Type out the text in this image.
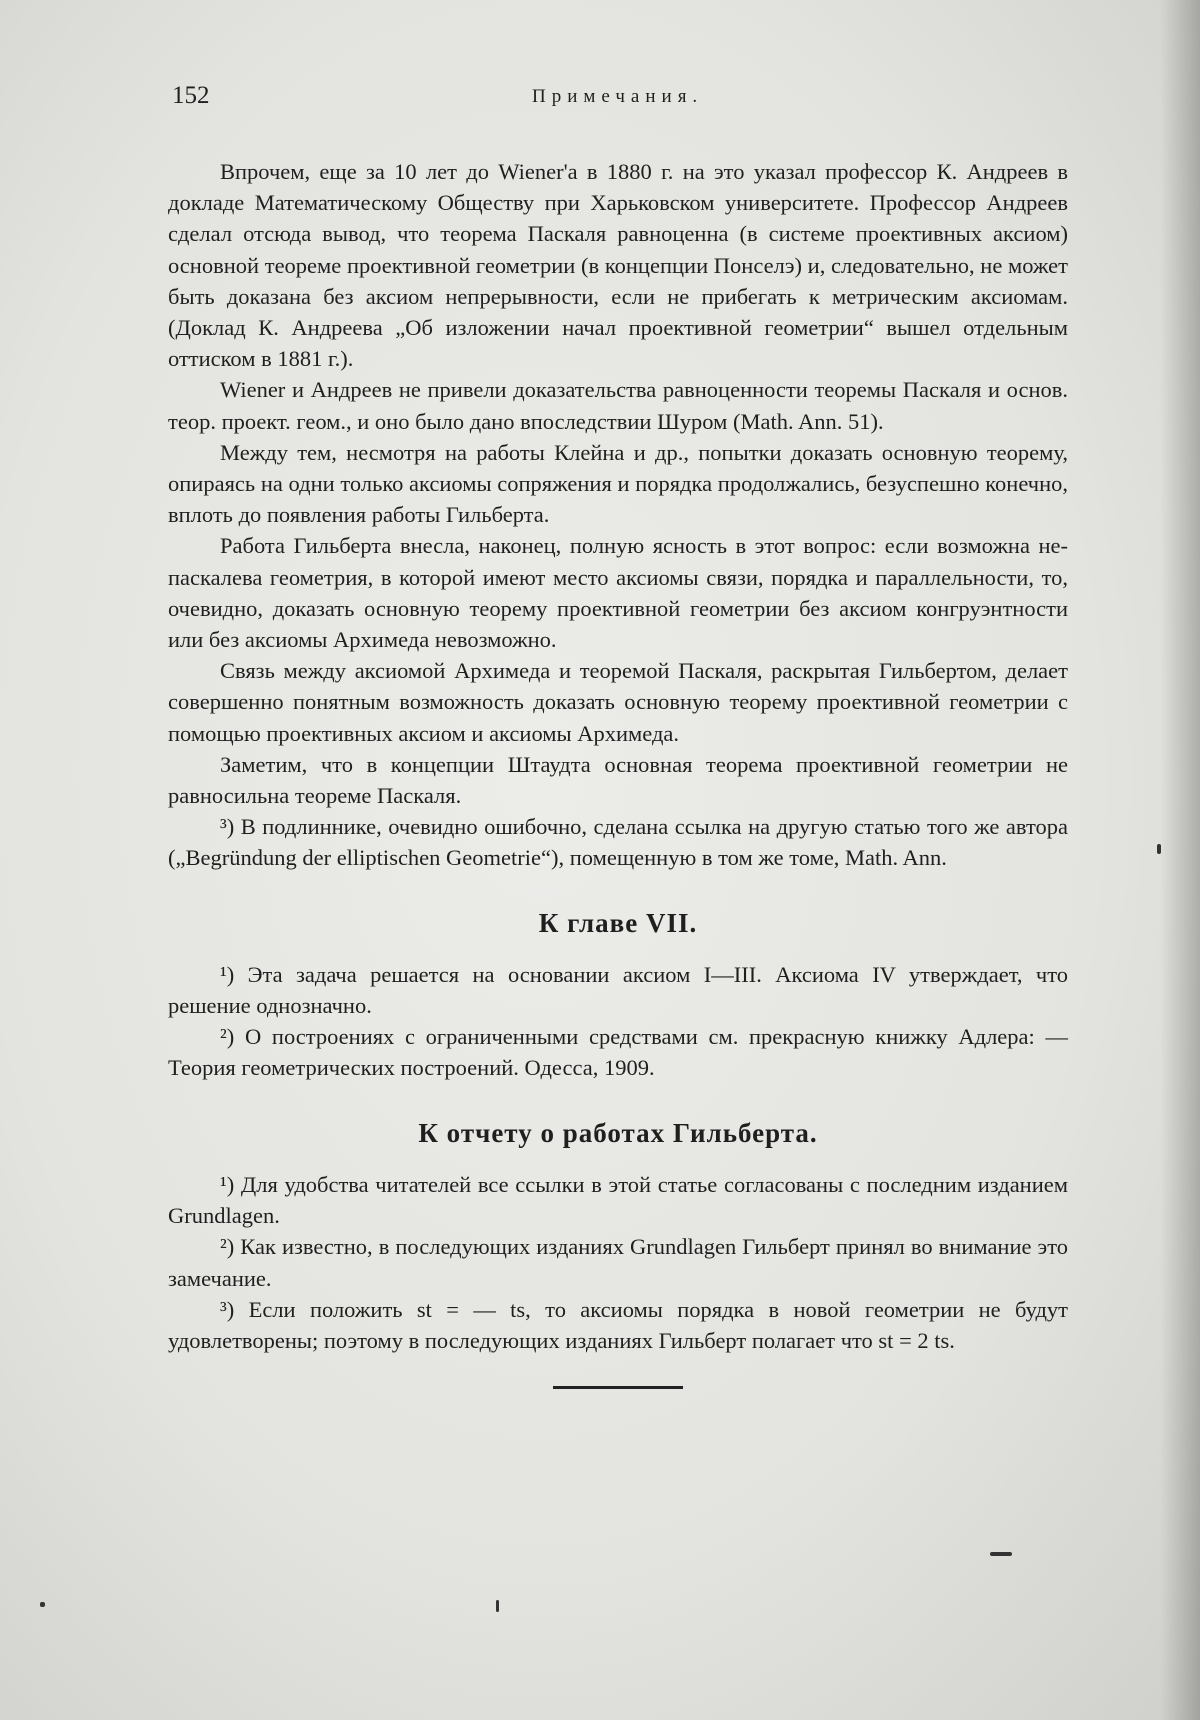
152	Примечания.

Впрочем, еще за 10 лет до Wiener'а в 1880 г. на это указал профессор К. Андреев в докладе Математическому Обществу при Харьковском университете. Профессор Андреев сделал отсюда вывод, что теорема Паскаля равноценна (в системе проективных аксиом) основной теореме проективной геометрии (в концепции Понселэ) и, следовательно, не может быть доказана без аксиом непрерывности, если не прибегать к метрическим аксиомам. (Доклад К. Андреева „Об изложении начал проективной геометрии“ вышел отдельным оттиском в 1881 г.).

Wiener и Андреев не привели доказательства равноценности теоремы Паскаля и основ. теор. проект. геом., и оно было дано впоследствии Шуром (Math. Ann. 51).

Между тем, несмотря на работы Клейна и др., попытки доказать основную теорему, опираясь на одни только аксиомы сопряжения и порядка продолжались, безуспешно конечно, вплоть до появления работы Гильберта.

Работа Гильберта внесла, наконец, полную ясность в этот вопрос: если возможна не-паскалева геометрия, в которой имеют место аксиомы связи, порядка и параллельности, то, очевидно, доказать основную теорему проективной геометрии без аксиом конгруэнтности или без аксиомы Архимеда невозможно.

Связь между аксиомой Архимеда и теоремой Паскаля, раскрытая Гильбертом, делает совершенно понятным возможность доказать основную теорему проективной геометрии с помощью проективных аксиом и аксиомы Архимеда.

Заметим, что в концепции Штаудта основная теорема проективной геометрии не равносильна теореме Паскаля.

³) В подлиннике, очевидно ошибочно, сделана ссылка на другую статью того же автора („Begründung der elliptischen Geometrie“), помещенную в том же томе, Math. Ann.

К главе VII.

¹) Эта задача решается на основании аксиом I—III. Аксиома IV утверждает, что решение однозначно.

²) О построениях с ограниченными средствами см. прекрасную книжку Адлера: — Теория геометрических построений. Одесса, 1909.

К отчету о работах Гильберта.

¹) Для удобства читателей все ссылки в этой статье согласованы с последним изданием Grundlagen.

²) Как известно, в последующих изданиях Grundlagen Гильберт принял во внимание это замечание.

³) Если положить st = — ts, то аксиомы порядка в новой геометрии не будут удовлетворены; поэтому в последующих изданиях Гильберт полагает что st = 2 ts.
